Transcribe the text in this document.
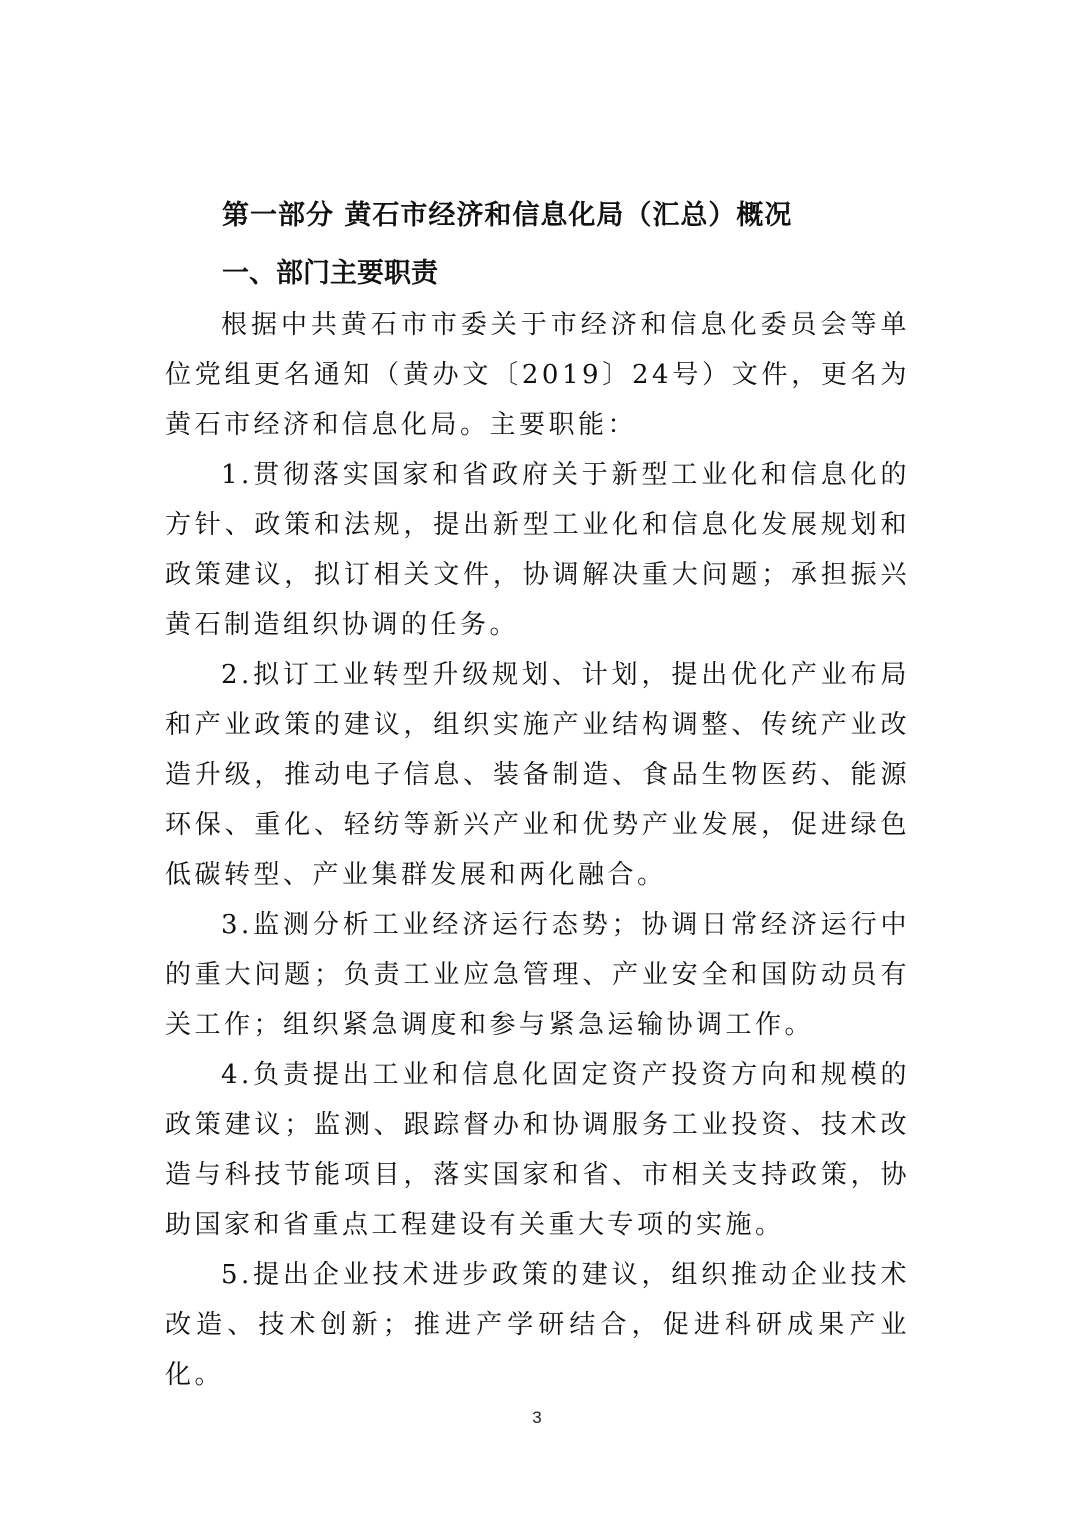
第一部分 黄石市经济和信息化局（汇总）概况
一、部门主要职责

根据中共黄石市市委关于市经济和信息化委员会等单位党组更名通知（黄办文〔2019〕24号）文件，更名为黄石市经济和信息化局。主要职能：

1.贯彻落实国家和省政府关于新型工业化和信息化的方针、政策和法规，提出新型工业化和信息化发展规划和政策建议，拟订相关文件，协调解决重大问题；承担振兴黄石制造组织协调的任务。

2.拟订工业转型升级规划、计划，提出优化产业布局和产业政策的建议，组织实施产业结构调整、传统产业改造升级，推动电子信息、装备制造、食品生物医药、能源环保、重化、轻纺等新兴产业和优势产业发展，促进绿色低碳转型、产业集群发展和两化融合。

3.监测分析工业经济运行态势；协调日常经济运行中的重大问题；负责工业应急管理、产业安全和国防动员有关工作；组织紧急调度和参与紧急运输协调工作。

4.负责提出工业和信息化固定资产投资方向和规模的政策建议；监测、跟踪督办和协调服务工业投资、技术改造与科技节能项目，落实国家和省、市相关支持政策，协助国家和省重点工程建设有关重大专项的实施。

5.提出企业技术进步政策的建议，组织推动企业技术改造、技术创新；推进产学研结合，促进科研成果产业化。

3
